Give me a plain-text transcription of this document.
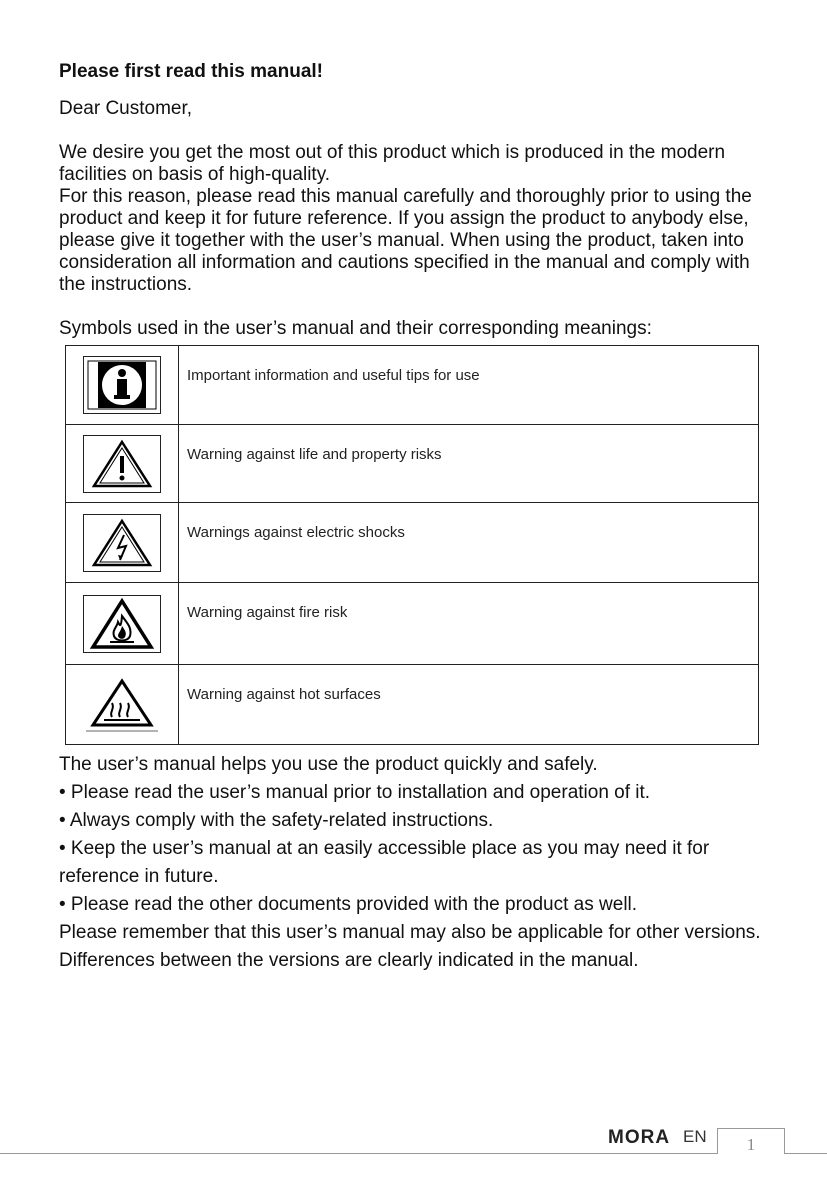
Please first read this manual!
Dear Customer,
We desire you get the most out of this product which is produced in the modern facilities on basis of high-quality.
For this reason, please read this manual carefully and thoroughly prior to using the product and keep it for future reference. If you assign the product to anybody else, please give it together with the user’s manual. When using the product, taken into consideration all information and cautions specified in the manual and comply with the instructions.
Symbols used in the user’s manual and their corresponding meanings:
	Important information and useful tips for use

	Warning against life and property risks

	Warnings against electric shocks

	Warning against fire risk

	Warning against hot surfaces
The user’s manual helps you use the product quickly and safely.
• Please read the user’s manual prior to installation and operation of it.
• Always comply with the safety-related instructions.
• Keep the user’s manual at an easily accessible place as you may need it for reference in future.
• Please read the other documents provided with the product as well.
Please remember that this user’s manual may also be applicable for other versions. Differences between the versions are clearly indicated in the manual.
MORA EN	1
